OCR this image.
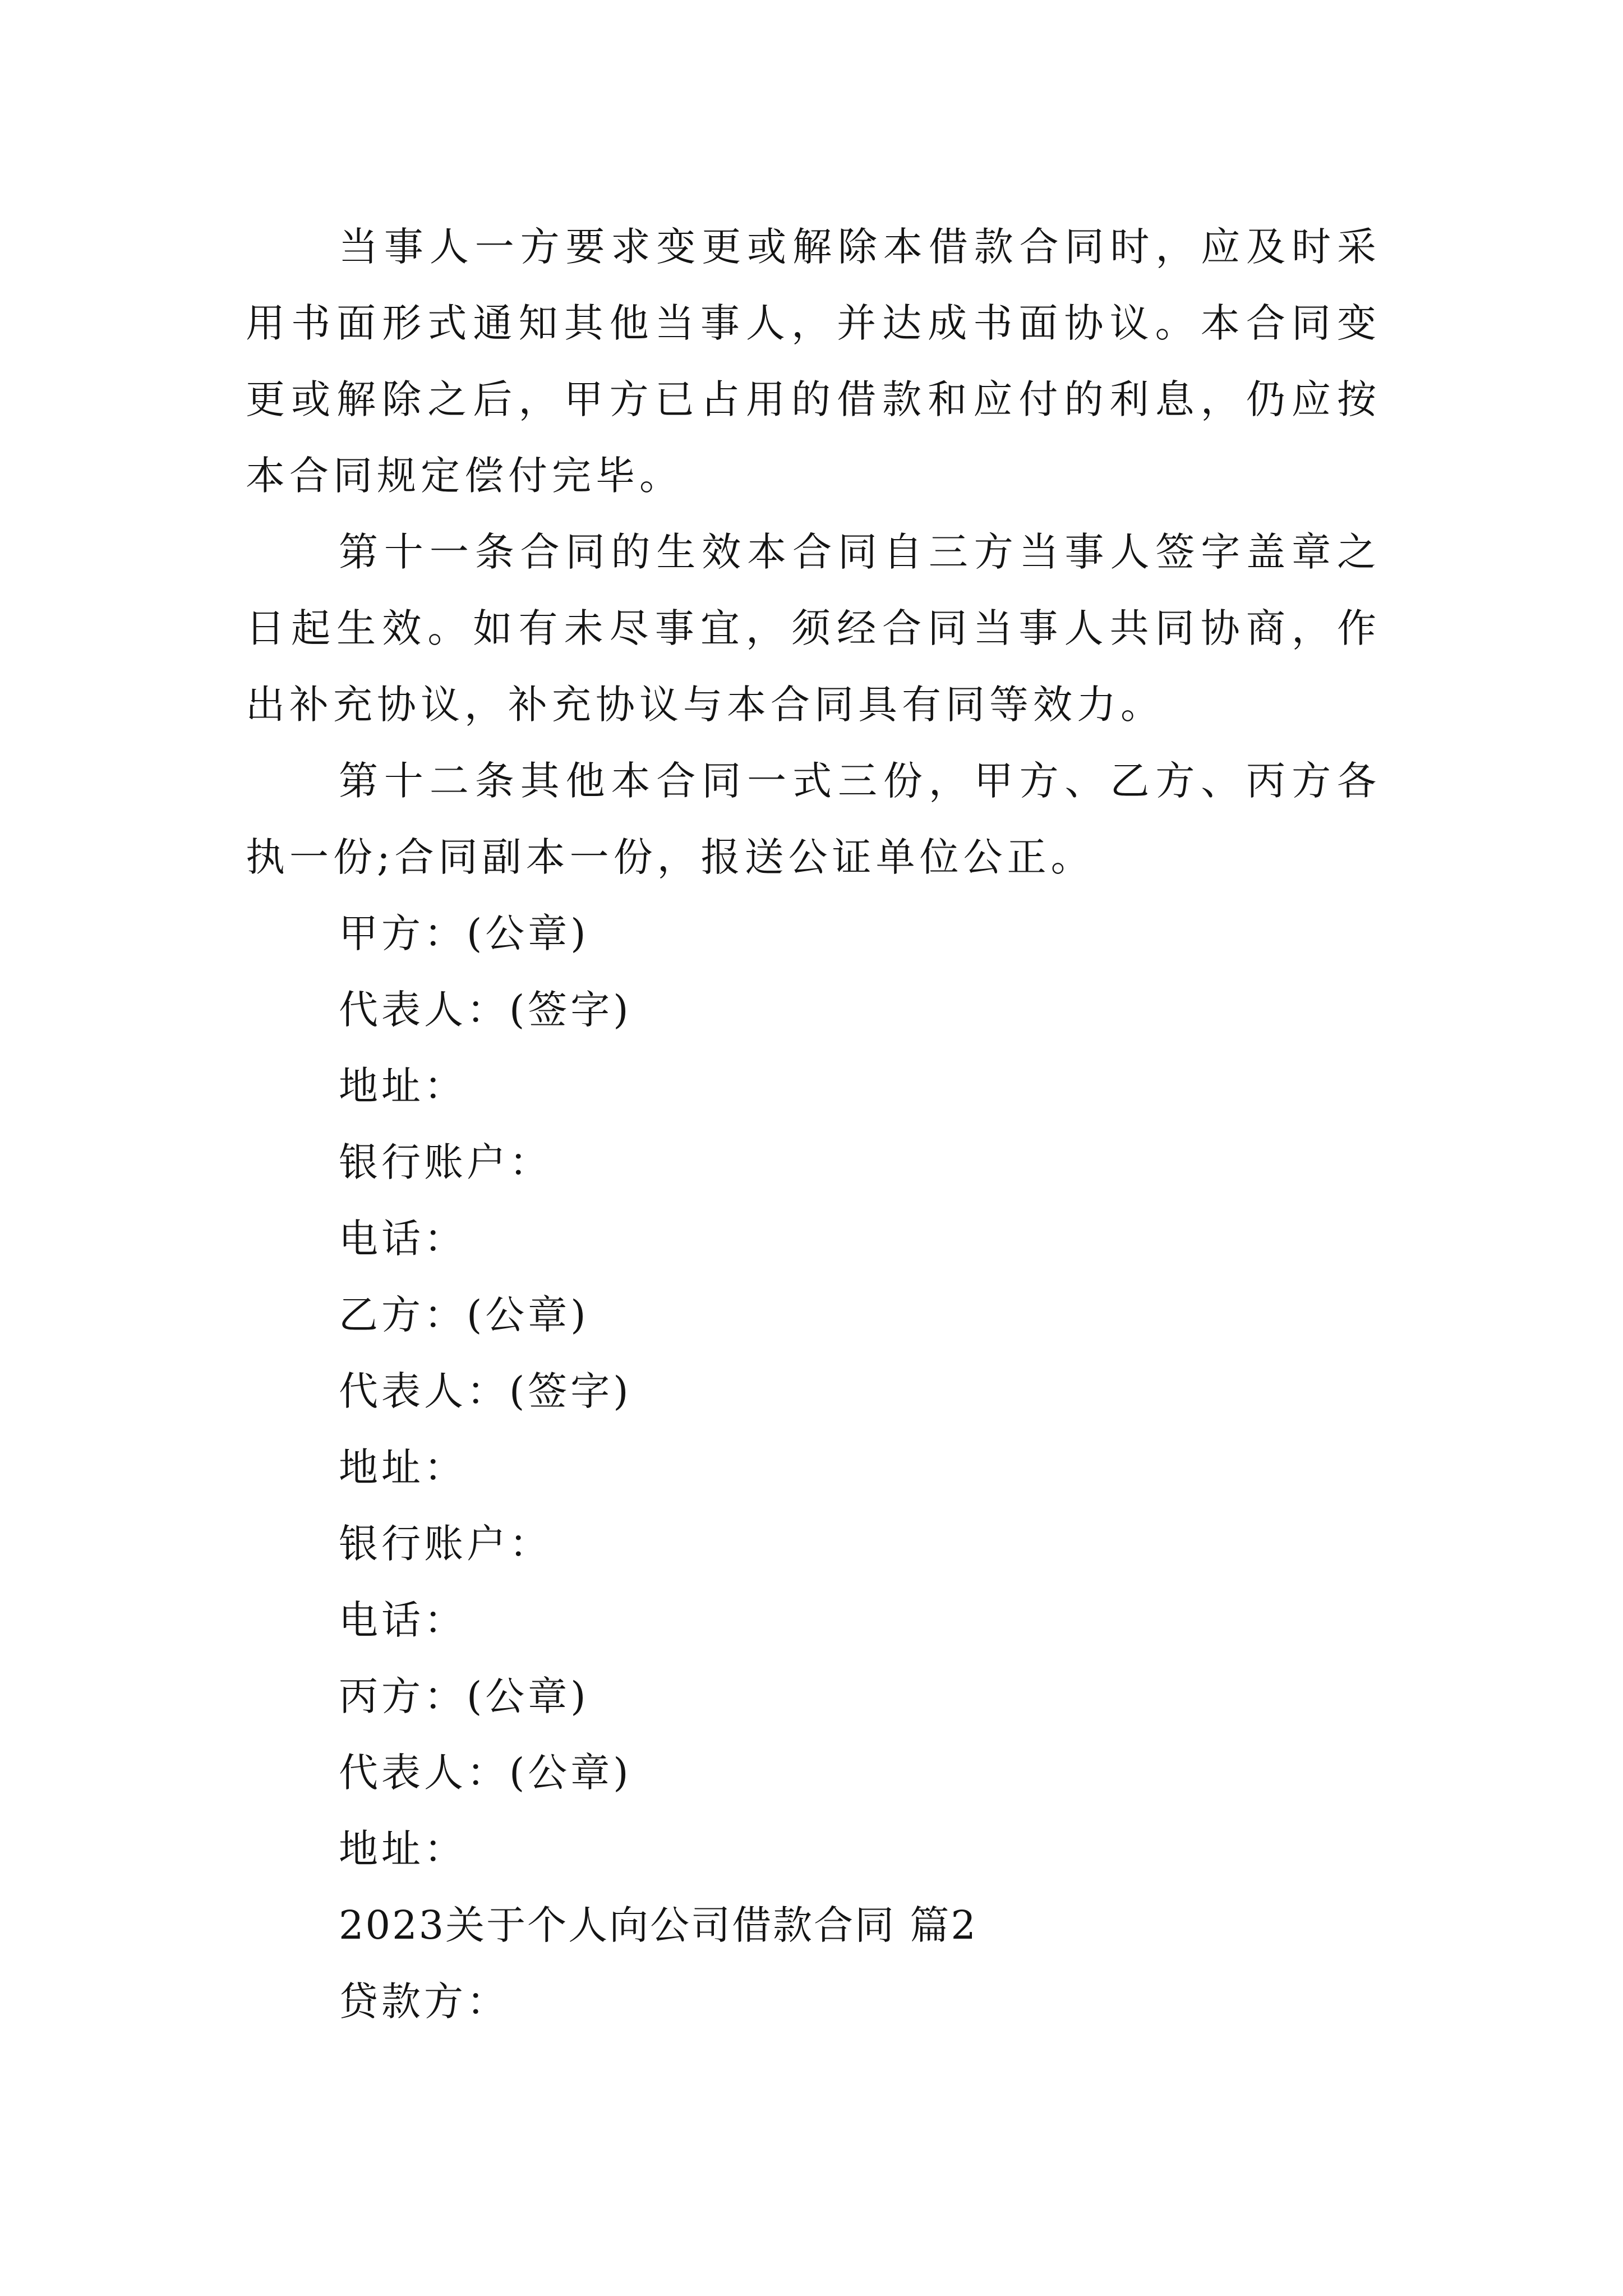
当事人一方要求变更或解除本借款合同时，应及时采用书面形式通知其他当事人，并达成书面协议。本合同变更或解除之后，甲方已占用的借款和应付的利息，仍应按本合同规定偿付完毕。

第十一条合同的生效本合同自三方当事人签字盖章之日起生效。如有未尽事宜，须经合同当事人共同协商，作出补充协议，补充协议与本合同具有同等效力。

第十二条其他本合同一式三份，甲方、乙方、丙方各执一份;合同副本一份，报送公证单位公正。

甲方：(公章)

代表人：(签字)

地址：

银行账户：

电话：

乙方：(公章)

代表人：(签字)

地址：

银行账户：

电话：

丙方：(公章)

代表人：(公章)

地址：

2023关于个人向公司借款合同 篇2

贷款方：
